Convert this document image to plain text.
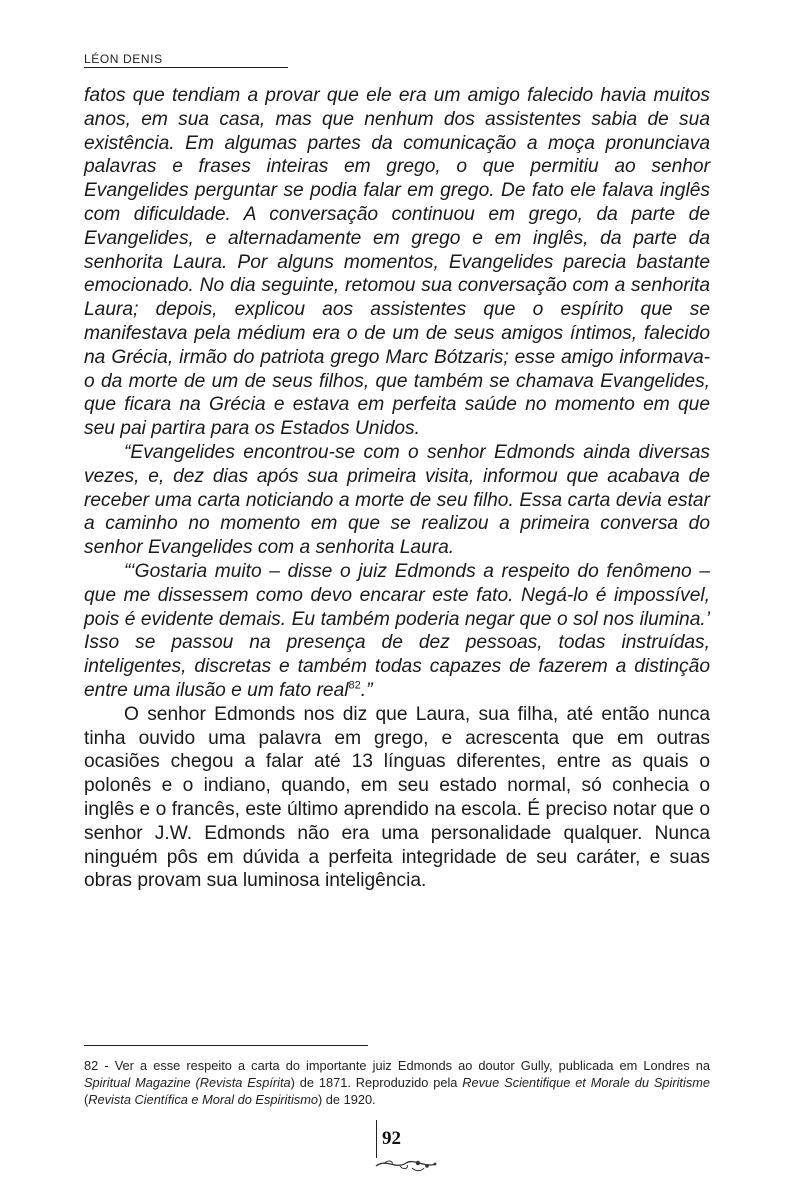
LÉON DENIS

fatos que tendiam a provar que ele era um amigo falecido havia muitos anos, em sua casa, mas que nenhum dos assistentes sabia de sua existência. Em algumas partes da comunicação a moça pronunciava palavras e frases inteiras em grego, o que permitiu ao senhor Evangelides perguntar se podia falar em grego. De fato ele falava inglês com dificuldade. A conversação continuou em grego, da parte de Evangelides, e alternadamente em grego e em inglês, da parte da senhorita Laura. Por alguns momentos, Evangelides parecia bastante emocionado. No dia seguinte, retomou sua conversação com a senhorita Laura; depois, explicou aos assistentes que o espírito que se manifestava pela médium era o de um de seus amigos íntimos, falecido na Grécia, irmão do patriota grego Marc Bótzaris; esse amigo informava-o da morte de um de seus filhos, que também se chamava Evangelides, que ficara na Grécia e estava em perfeita saúde no momento em que seu pai partira para os Estados Unidos.

“Evangelides encontrou-se com o senhor Edmonds ainda diversas vezes, e, dez dias após sua primeira visita, informou que acabava de receber uma carta noticiando a morte de seu filho. Essa carta devia estar a caminho no momento em que se realizou a primeira conversa do senhor Evangelides com a senhorita Laura.

“‘Gostaria muito – disse o juiz Edmonds a respeito do fenômeno – que me dissessem como devo encarar este fato. Negá-lo é impossível, pois é evidente demais. Eu também poderia negar que o sol nos ilumina.’ Isso se passou na presença de dez pessoas, todas instruídas, inteligentes, discretas e também todas capazes de fazerem a distinção entre uma ilusão e um fato real$^{82}$.”

O senhor Edmonds nos diz que Laura, sua filha, até então nunca tinha ouvido uma palavra em grego, e acrescenta que em outras ocasiões chegou a falar até 13 línguas diferentes, entre as quais o polonês e o indiano, quando, em seu estado normal, só conhecia o inglês e o francês, este último aprendido na escola. É preciso notar que o senhor J.W. Edmonds não era uma personalidade qualquer. Nunca ninguém pôs em dúvida a perfeita integridade de seu caráter, e suas obras provam sua luminosa inteligência.

82 - Ver a esse respeito a carta do importante juiz Edmonds ao doutor Gully, publicada em Londres na Spiritual Magazine (Revista Espírita) de 1871. Reproduzido pela Revue Scientifique et Morale du Spiritisme (Revista Científica e Moral do Espiritismo) de 1920.
92
